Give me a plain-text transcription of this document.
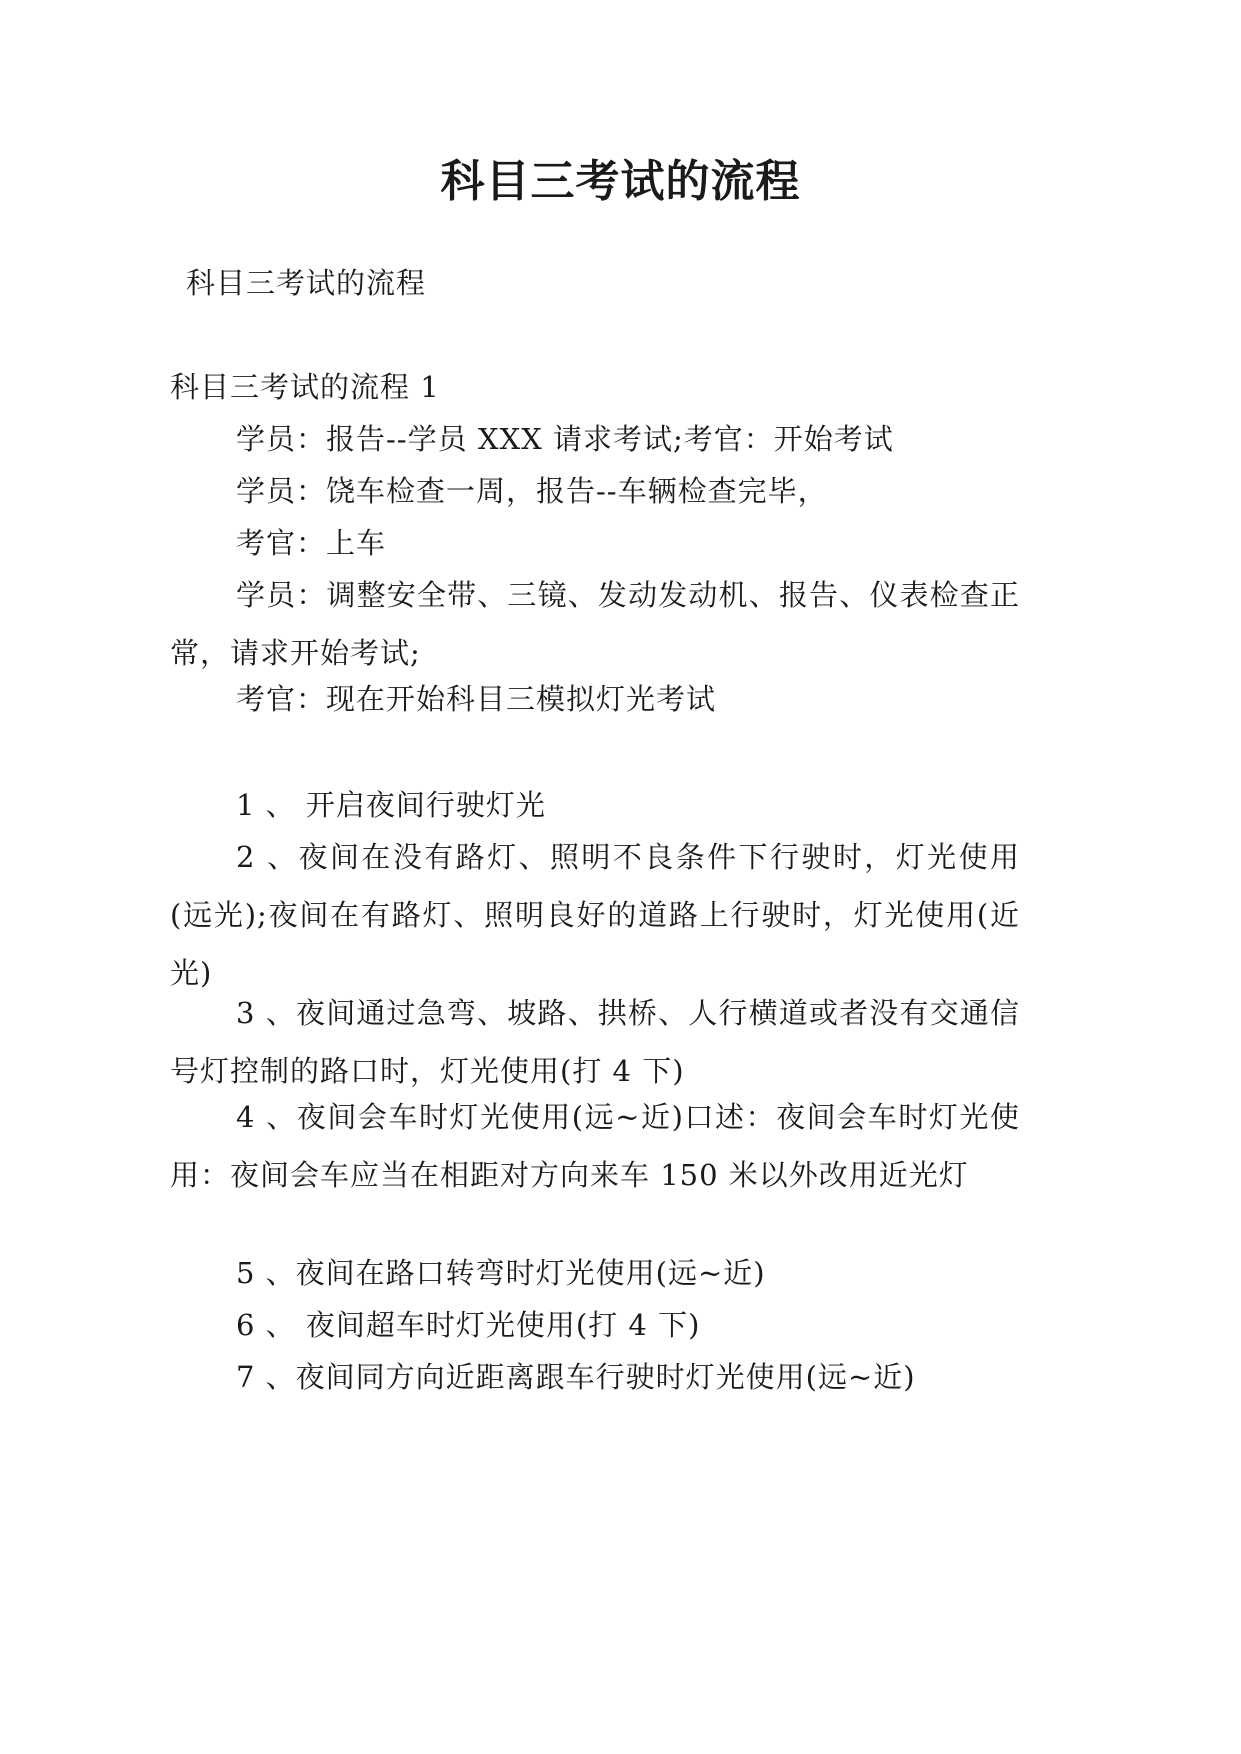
科目三考试的流程
科目三考试的流程
科目三考试的流程 1
学员：报告--学员 XXX 请求考试;考官：开始考试
学员：饶车检查一周，报告--车辆检查完毕，
考官：上车
学员：调整安全带、三镜、发动发动机、报告、仪表检查正常，请求开始考试;
考官：现在开始科目三模拟灯光考试
1 、 开启夜间行驶灯光
2 、夜间在没有路灯、照明不良条件下行驶时，灯光使用(远光);夜间在有路灯、照明良好的道路上行驶时，灯光使用(近光)
3 、夜间通过急弯、坡路、拱桥、人行横道或者没有交通信号灯控制的路口时，灯光使用(打 4 下)
4 、夜间会车时灯光使用(远~近)口述：夜间会车时灯光使用：夜间会车应当在相距对方向来车 150 米以外改用近光灯
5 、夜间在路口转弯时灯光使用(远~近)
6 、 夜间超车时灯光使用(打 4 下)
7 、夜间同方向近距离跟车行驶时灯光使用(远~近)
